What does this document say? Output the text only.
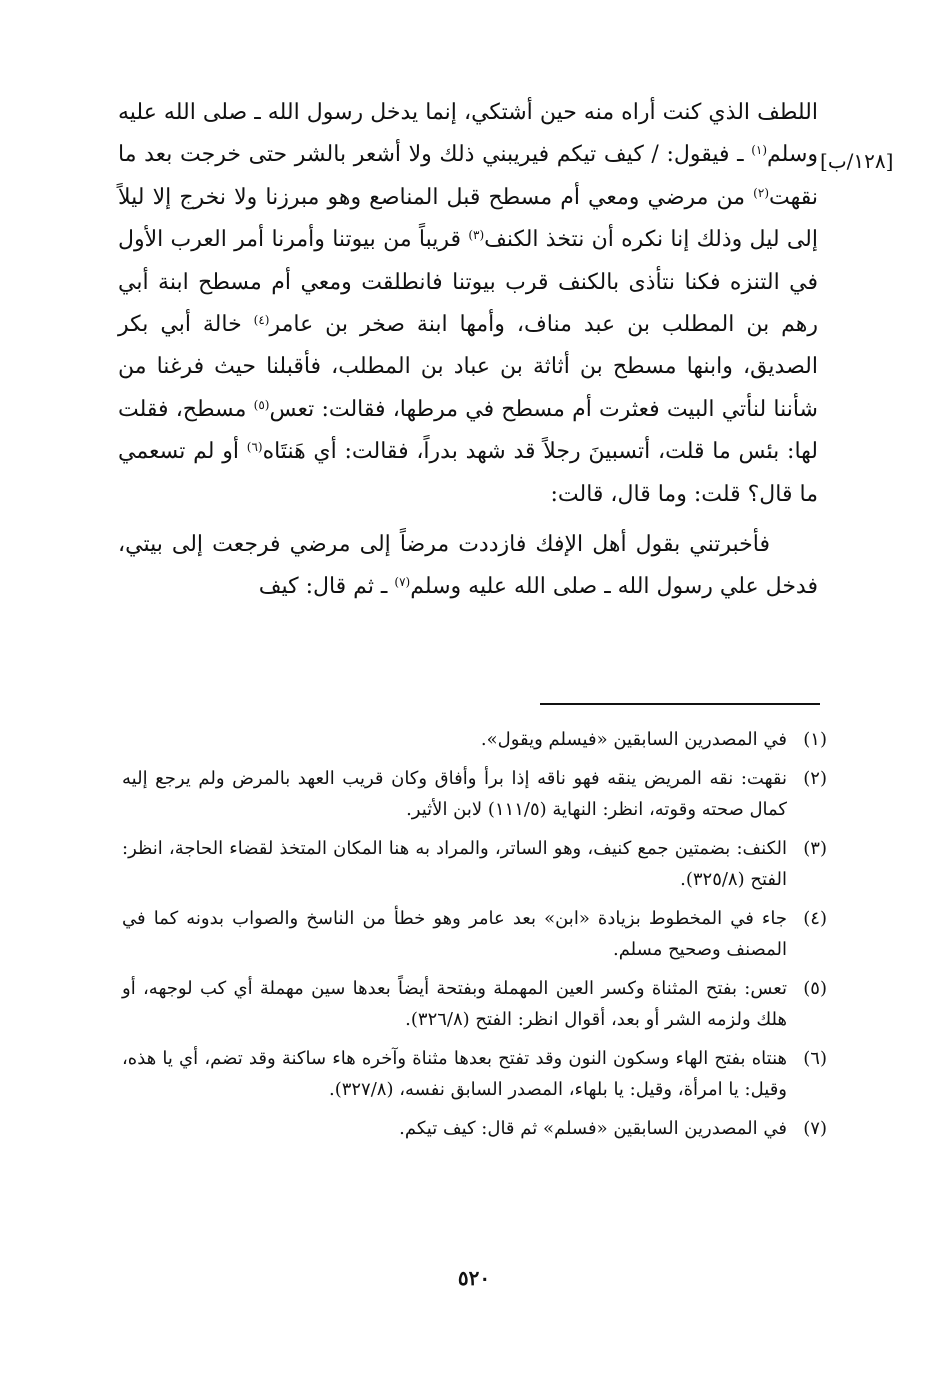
اللطف الذي كنت أراه منه حين أشتكي، إنما يدخل رسول الله ـ صلى الله عليه وسلم$^{(١)}$ ـ فيقول: / كيف تيكم فيريبني ذلك ولا أشعر بالشر حتى خرجت بعد ما نقهت$^{(٢)}$ من مرضي ومعي أم مسطح قبل المناصع وهو مبرزنا ولا نخرج إلا ليلاً إلى ليل وذلك إنا نكره أن نتخذ الكنف$^{(٣)}$ قريباً من بيوتنا وأمرنا أمر العرب الأول في التنزه فكنا نتأذى بالكنف قرب بيوتنا فانطلقت ومعي أم مسطح ابنة أبي رهم بن المطلب بن عبد مناف، وأمها ابنة صخر بن عامر$^{(٤)}$ خالة أبي بكر الصديق، وابنها مسطح بن أثاثة بن عباد بن المطلب، فأقبلنا حيث فرغنا من شأننا لنأتي البيت فعثرت أم مسطح في مرطها، فقالت: تعس$^{(٥)}$ مسطح، فقلت لها: بئس ما قلت، أتسبينَ رجلاً قد شهد بدراً، فقالت: أي هَنتَاه$^{(٦)}$ أو لم تسعمي ما قال؟ قلت: وما قال، قالت:

فأخبرتني بقول أهل الإفك فازددت مرضاً إلى مرضي فرجعت إلى بيتي، فدخل علي رسول الله ـ صلى الله عليه وسلم$^{(٧)}$ ـ ثم قال: كيف

[١٢٨/ب]
(١)
في المصدرين السابقين «فيسلم ويقول».
(٢)
نقهت: نقه المريض ينقه فهو ناقه إذا برأ وأفاق وكان قريب العهد بالمرض ولم يرجع إليه كمال صحته وقوته، انظر: النهاية (١١١/٥) لابن الأثير.
(٣)
الكنف: بضمتين جمع كنيف، وهو الساتر، والمراد به هنا المكان المتخذ لقضاء الحاجة، انظر: الفتح (٣٢٥/٨).
(٤)
جاء في المخطوط بزيادة «ابن» بعد عامر وهو خطأ من الناسخ والصواب بدونه كما في المصنف وصحيح مسلم.
(٥)
تعس: بفتح المثناة وكسر العين المهملة وبفتحة أيضاً بعدها سين مهملة أي كب لوجهه، أو هلك ولزمه الشر أو بعد، أقوال انظر: الفتح (٣٢٦/٨).
(٦)
هنتاه بفتح الهاء وسكون النون وقد تفتح بعدها مثناة وآخره هاء ساكنة وقد تضم، أي يا هذه، وقيل: يا امرأة، وقيل: يا بلهاء، المصدر السابق نفسه، (٣٢٧/٨).
(٧)
في المصدرين السابقين «فسلم» ثم قال: كيف تيكم.
٥٢٠
